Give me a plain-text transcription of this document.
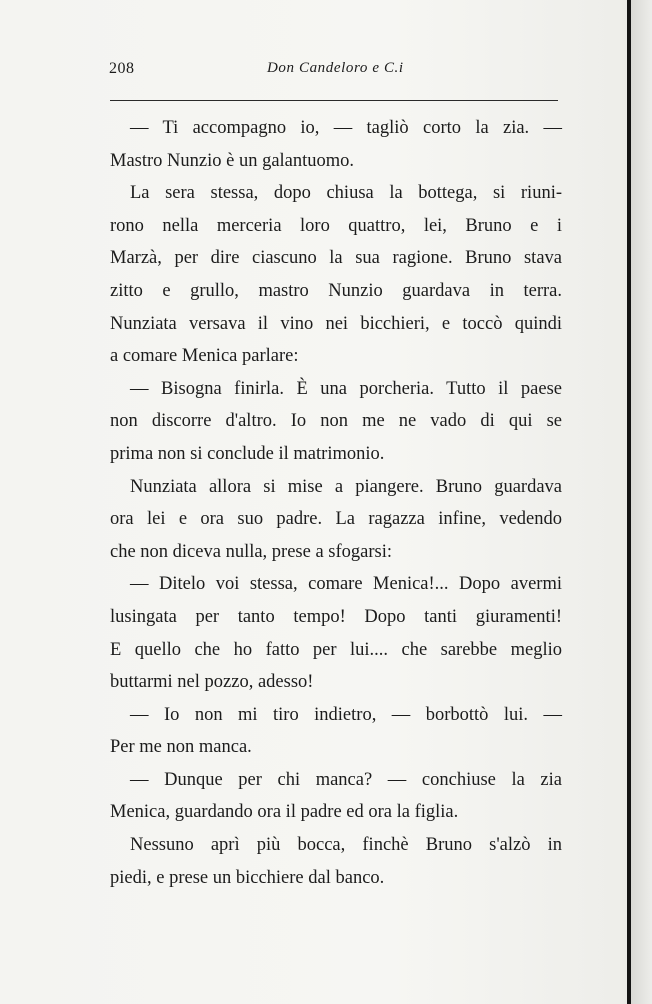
208	Don Candeloro e C.i
— Ti accompagno io, — tagliò corto la zia. —
Mastro Nunzio è un galantuomo.
La sera stessa, dopo chiusa la bottega, si riuni-
rono nella merceria loro quattro, lei, Bruno e i
Marzà, per dire ciascuno la sua ragione. Bruno stava
zitto e grullo, mastro Nunzio guardava in terra.
Nunziata versava il vino nei bicchieri, e toccò quindi
a comare Menica parlare:
— Bisogna finirla. È una porcheria. Tutto il paese
non discorre d'altro. Io non me ne vado di qui se
prima non si conclude il matrimonio.
Nunziata allora si mise a piangere. Bruno guardava
ora lei e ora suo padre. La ragazza infine, vedendo
che non diceva nulla, prese a sfogarsi:
— Ditelo voi stessa, comare Menica!... Dopo avermi
lusingata per tanto tempo! Dopo tanti giuramenti!
E quello che ho fatto per lui.... che sarebbe meglio
buttarmi nel pozzo, adesso!
— Io non mi tiro indietro, — borbottò lui. —
Per me non manca.
— Dunque per chi manca? — conchiuse la zia
Menica, guardando ora il padre ed ora la figlia.
Nessuno aprì più bocca, finchè Bruno s'alzò in
piedi, e prese un bicchiere dal banco.
